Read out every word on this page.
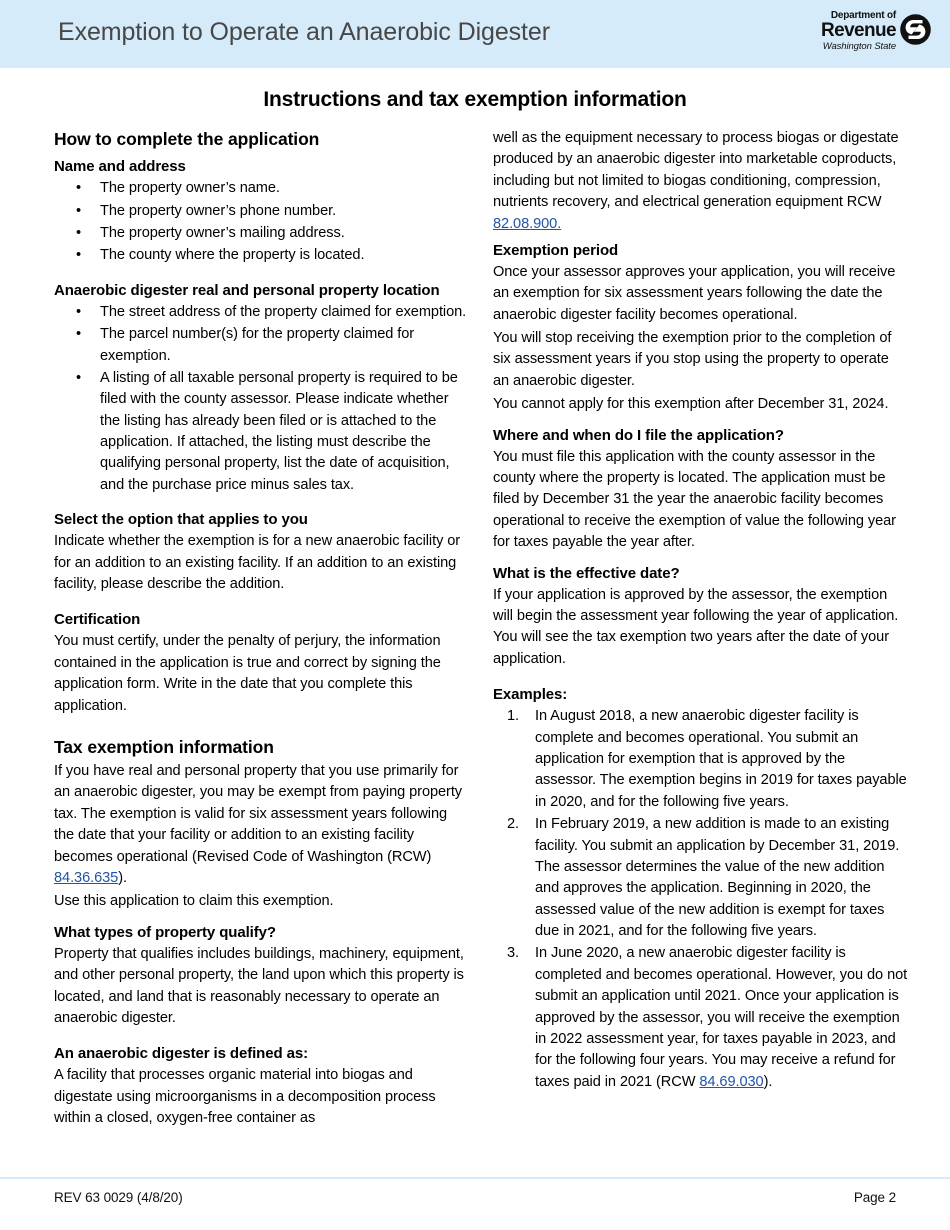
Exemption to Operate an Anaerobic Digester
Department of
Revenue
Washington State
Instructions and tax exemption information
How to complete the application
Name and address
• The property owner’s name.
• The property owner’s phone number.
• The property owner’s mailing address.
• The county where the property is located.
Anaerobic digester real and personal property location
• The street address of the property claimed for exemption.
• The parcel number(s) for the property claimed for exemption.
• A listing of all taxable personal property is required to be filed with the county assessor. Please indicate whether the listing has already been filed or is attached to the application. If attached, the listing must describe the qualifying personal property, list the date of acquisition,
and the purchase price minus sales tax.
Select the option that applies to you

Indicate whether the exemption is for a new anaerobic facility or for an addition to an existing facility. If an addition to an existing facility, please describe the addition.

Certification

You must certify, under the penalty of perjury, the information contained in the application is true and correct by signing the application form. Write in the date that you complete this application.

Tax exemption information

If you have real and personal property that you use primarily for an anaerobic digester, you may be exempt from paying property tax. The exemption is valid for six assessment years following the date that your facility or addition to an existing facility becomes operational (Revised Code of Washington (RCW) 84.36.635).

Use this application to claim this exemption.

What types of property qualify?

Property that qualifies includes buildings, machinery, equipment, and other personal property, the land upon which this property is located, and land that is reasonably necessary to operate an anaerobic digester.

An anaerobic digester is defined as:

A facility that processes organic material into biogas and digestate using microorganisms in a decomposition process within a closed, oxygen-free container as

well as the equipment necessary to process biogas or digestate produced by an anaerobic digester into marketable coproducts, including but not limited to biogas conditioning, compression, nutrients recovery, and electrical generation equipment RCW 82.08.900.

Exemption period

Once your assessor approves your application, you will receive an exemption for six assessment years following the date the anaerobic digester facility becomes operational.

You will stop receiving the exemption prior to the completion of six assessment years if you stop using the property to operate an anaerobic digester.

You cannot apply for this exemption after December 31, 2024.

Where and when do I file the application?

You must file this application with the county assessor in the county where the property is located. The application must be filed by December 31 the year the anaerobic facility becomes operational to receive the exemption of value the following year for taxes payable the year after.

What is the effective date?

If your application is approved by the assessor, the exemption will begin the assessment year following the year of application. You will see the tax exemption two years after the date of your application.

Examples:
In August 2018, a new anaerobic digester facility is complete and becomes operational. You submit an application for exemption that is approved by the assessor. The exemption begins in 2019 for taxes payable in 2020, and for the following five years.
In February 2019, a new addition is made to an existing facility. You submit an application by December 31, 2019. The assessor determines the value of the new addition and approves the application. Beginning in 2020, the assessed value of the new addition is exempt for taxes due in 2021, and for the following five years.
In June 2020, a new anaerobic digester facility is completed and becomes operational. However, you do not submit an application until 2021. Once your application is approved by the assessor, you will receive the exemption in 2022 assessment year, for taxes payable in 2023, and for the following four years. You may receive a refund for taxes paid in 2021 (RCW 84.69.030).
REV 63 0029 (4/8/20)	Page 2
